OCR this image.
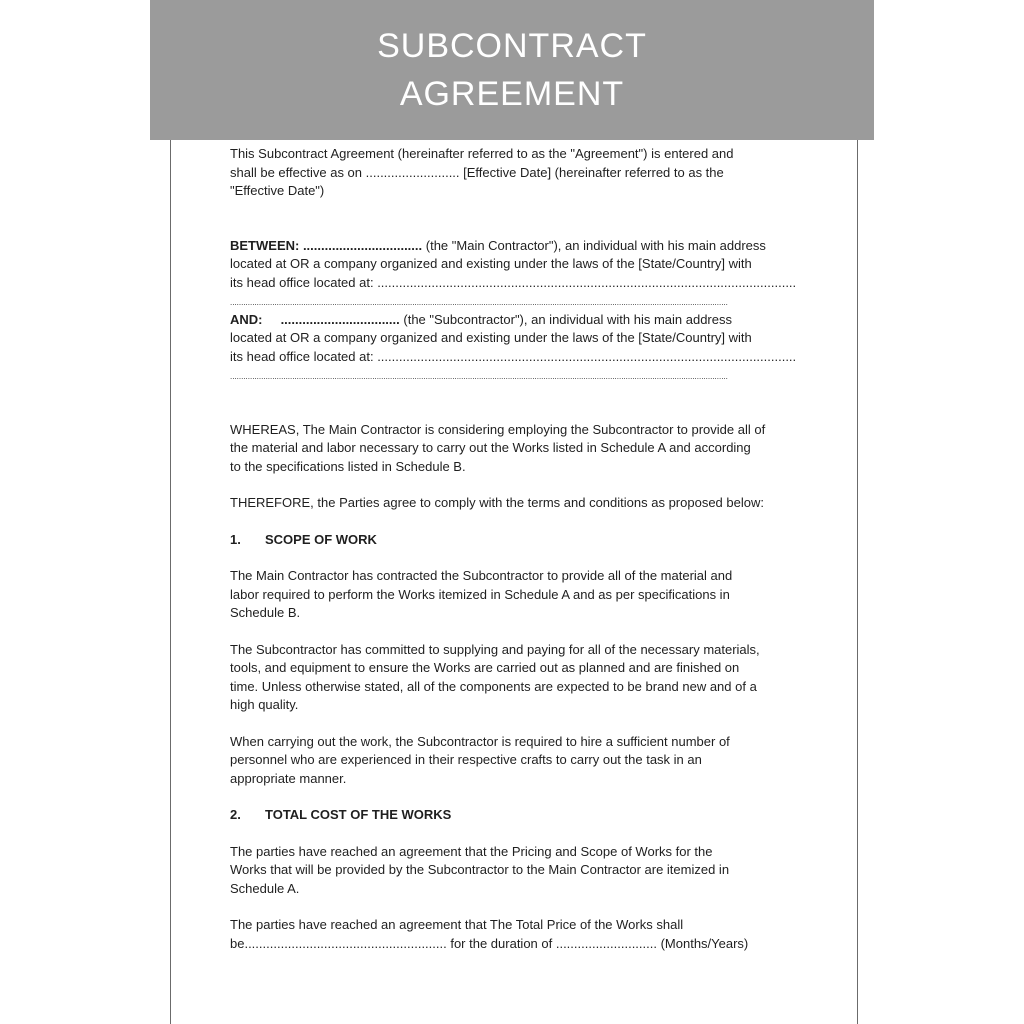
SUBCONTRACT
AGREEMENT
This Subcontract Agreement (hereinafter referred to as the "Agreement") is entered and
shall be effective as on .......................... [Effective Date] (hereinafter referred to as the
"Effective Date")
BETWEEN: ................................. (the "Main Contractor"), an individual with his main address
located at OR a company organized and existing under the laws of the [State/Country] with
its head office located at: ....................................................................................................................
.....
AND: ................................. (the "Subcontractor"), an individual with his main address
located at OR a company organized and existing under the laws of the [State/Country] with
its head office located at: ....................................................................................................................
.....
WHEREAS, The Main Contractor is considering employing the Subcontractor to provide all of
the material and labor necessary to carry out the Works listed in Schedule A and according
to the specifications listed in Schedule B.
THEREFORE, the Parties agree to comply with the terms and conditions as proposed below:
1. SCOPE OF WORK
The Main Contractor has contracted the Subcontractor to provide all of the material and
labor required to perform the Works itemized in Schedule A and as per specifications in
Schedule B.
The Subcontractor has committed to supplying and paying for all of the necessary materials,
tools, and equipment to ensure the Works are carried out as planned and are finished on
time. Unless otherwise stated, all of the components are expected to be brand new and of a
high quality.
When carrying out the work, the Subcontractor is required to hire a sufficient number of
personnel who are experienced in their respective crafts to carry out the task in an
appropriate manner.
2. TOTAL COST OF THE WORKS
The parties have reached an agreement that the Pricing and Scope of Works for the
Works that will be provided by the Subcontractor to the Main Contractor are itemized in
Schedule A.
The parties have reached an agreement that The Total Price of the Works shall
be........................................................ for the duration of ............................ (Months/Years)
